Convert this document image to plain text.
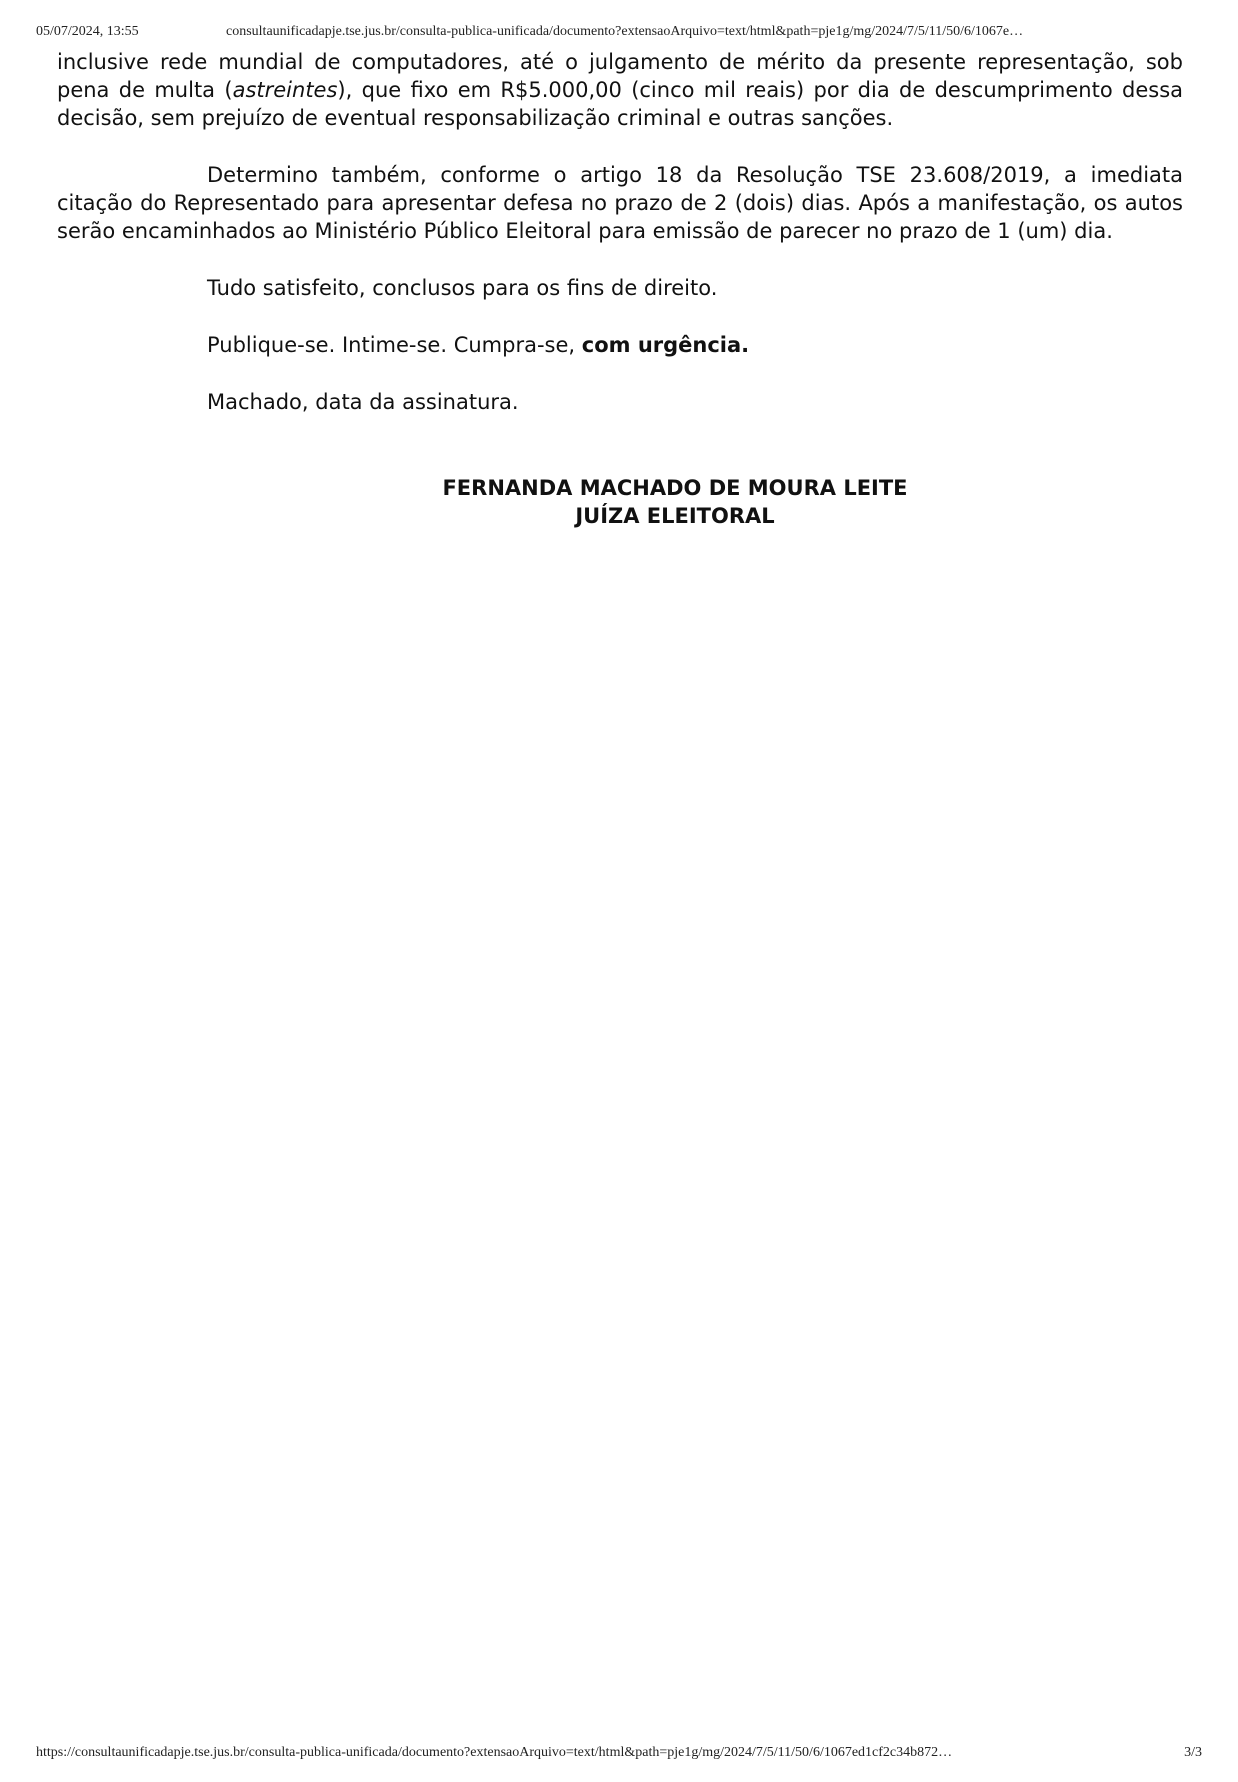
05/07/2024, 13:55	consultaunificadapje.tse.jus.br/consulta-publica-unificada/documento?extensaoArquivo=text/html&path=pje1g/mg/2024/7/5/11/50/6/1067e…

inclusive rede mundial de computadores, até o julgamento de mérito da presente representação, sob pena de multa (astreintes), que fixo em R$5.000,00 (cinco mil reais) por dia de descumprimento dessa decisão, sem prejuízo de eventual responsabilização criminal e outras sanções.

Determino também, conforme o artigo 18 da Resolução TSE 23.608/2019, a imediata citação do Representado para apresentar defesa no prazo de 2 (dois) dias. Após a manifestação, os autos serão encaminhados ao Ministério Público Eleitoral para emissão de parecer no prazo de 1 (um) dia.

Tudo satisfeito, conclusos para os fins de direito.

Publique-se. Intime-se. Cumpra-se, com urgência.

Machado, data da assinatura.

FERNANDA MACHADO DE MOURA LEITE
JUÍZA ELEITORAL

https://consultaunificadapje.tse.jus.br/consulta-publica-unificada/documento?extensaoArquivo=text/html&path=pje1g/mg/2024/7/5/11/50/6/1067ed1cf2c34b872…	3/3
